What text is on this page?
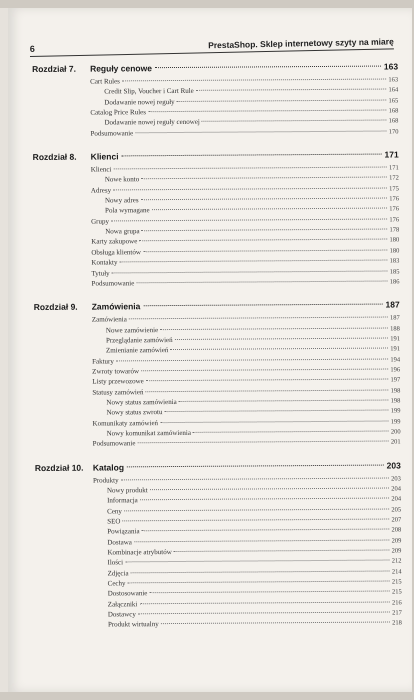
6	PrestaShop. Sklep internetowy szyty na miarę
Rozdział 7. Reguły cenowe	163
Cart Rules	163
Credit Slip, Voucher i Cart Rule	164
Dodawanie nowej reguły	165
Catalog Price Rules	168
Dodawanie nowej reguły cenowej	168
Podsumowanie	170
Rozdział 8. Klienci	171
Klienci	171
Nowe konto	172
Adresy	175
Nowy adres	176
Pola wymagane	176
Grupy	176
Nowa grupa	178
Karty zakupowe	180
Obsługa klientów	180
Kontakty	183
Tytuły	185
Podsumowanie	186
Rozdział 9. Zamówienia	187
Zamówienia	187
Nowe zamówienie	188
Przeglądanie zamówień	191
Zmienianie zamówień	191
Faktury	194
Zwroty towarów	196
Listy przewozowe	197
Statusy zamówień	198
Nowy status zamówienia	198
Nowy status zwrotu	199
Komunikaty zamówień	199
Nowy komunikat zamówienia	200
Podsumowanie	201
Rozdział 10. Katalog	203
Produkty	203
Nowy produkt	204
Informacja	204
Ceny	205
SEO	207
Powiązania	208
Dostawa	209
Kombinacje atrybutów	209
Ilości	212
Zdjęcia	214
Cechy	215
Dostosowanie	215
Załączniki	216
Dostawcy	217
Produkt wirtualny	218
